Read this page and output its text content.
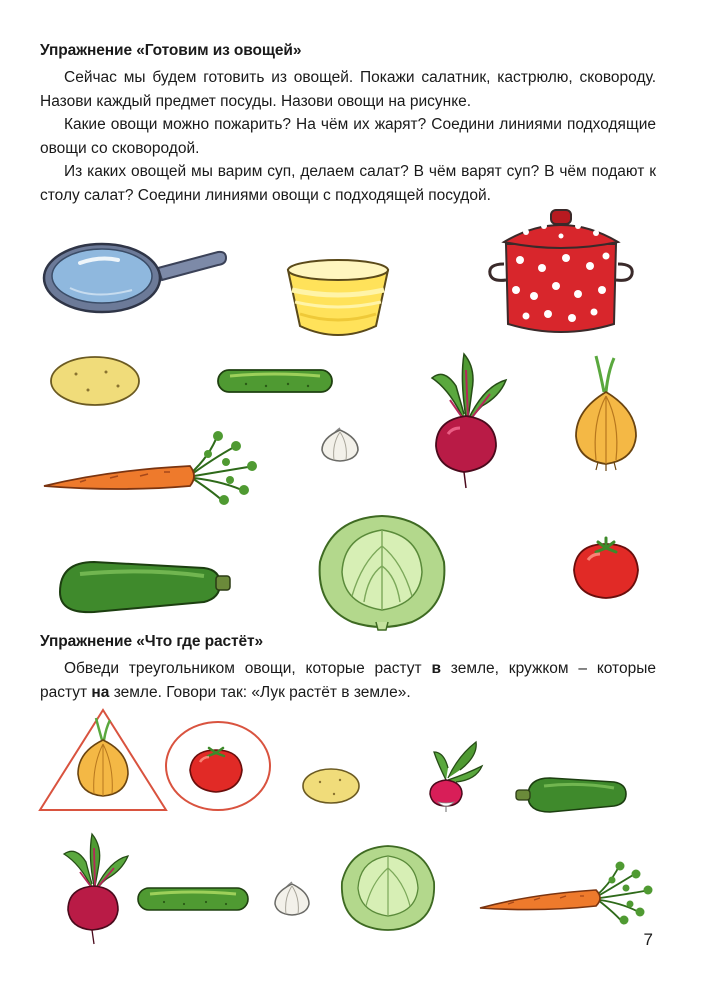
Упражнение «Готовим из овощей»

Сейчас мы будем готовить из овощей. Покажи салатник, кастрюлю, сковороду. Назови каждый предмет посуды. Назови овощи на рисунке.

Какие овощи можно пожарить? На чём их жарят? Соедини линиями подходящие овощи со сковородой.

Из каких овощей мы варим суп, делаем салат? В чём варят суп? В чём подают к столу салат? Соедини линиями овощи с подходящей посудой.

Упражнение «Что где растёт»

Обведи треугольником овощи, которые растут в земле, кружком – которые растут на земле. Говори так: «Лук растёт в земле».

7
